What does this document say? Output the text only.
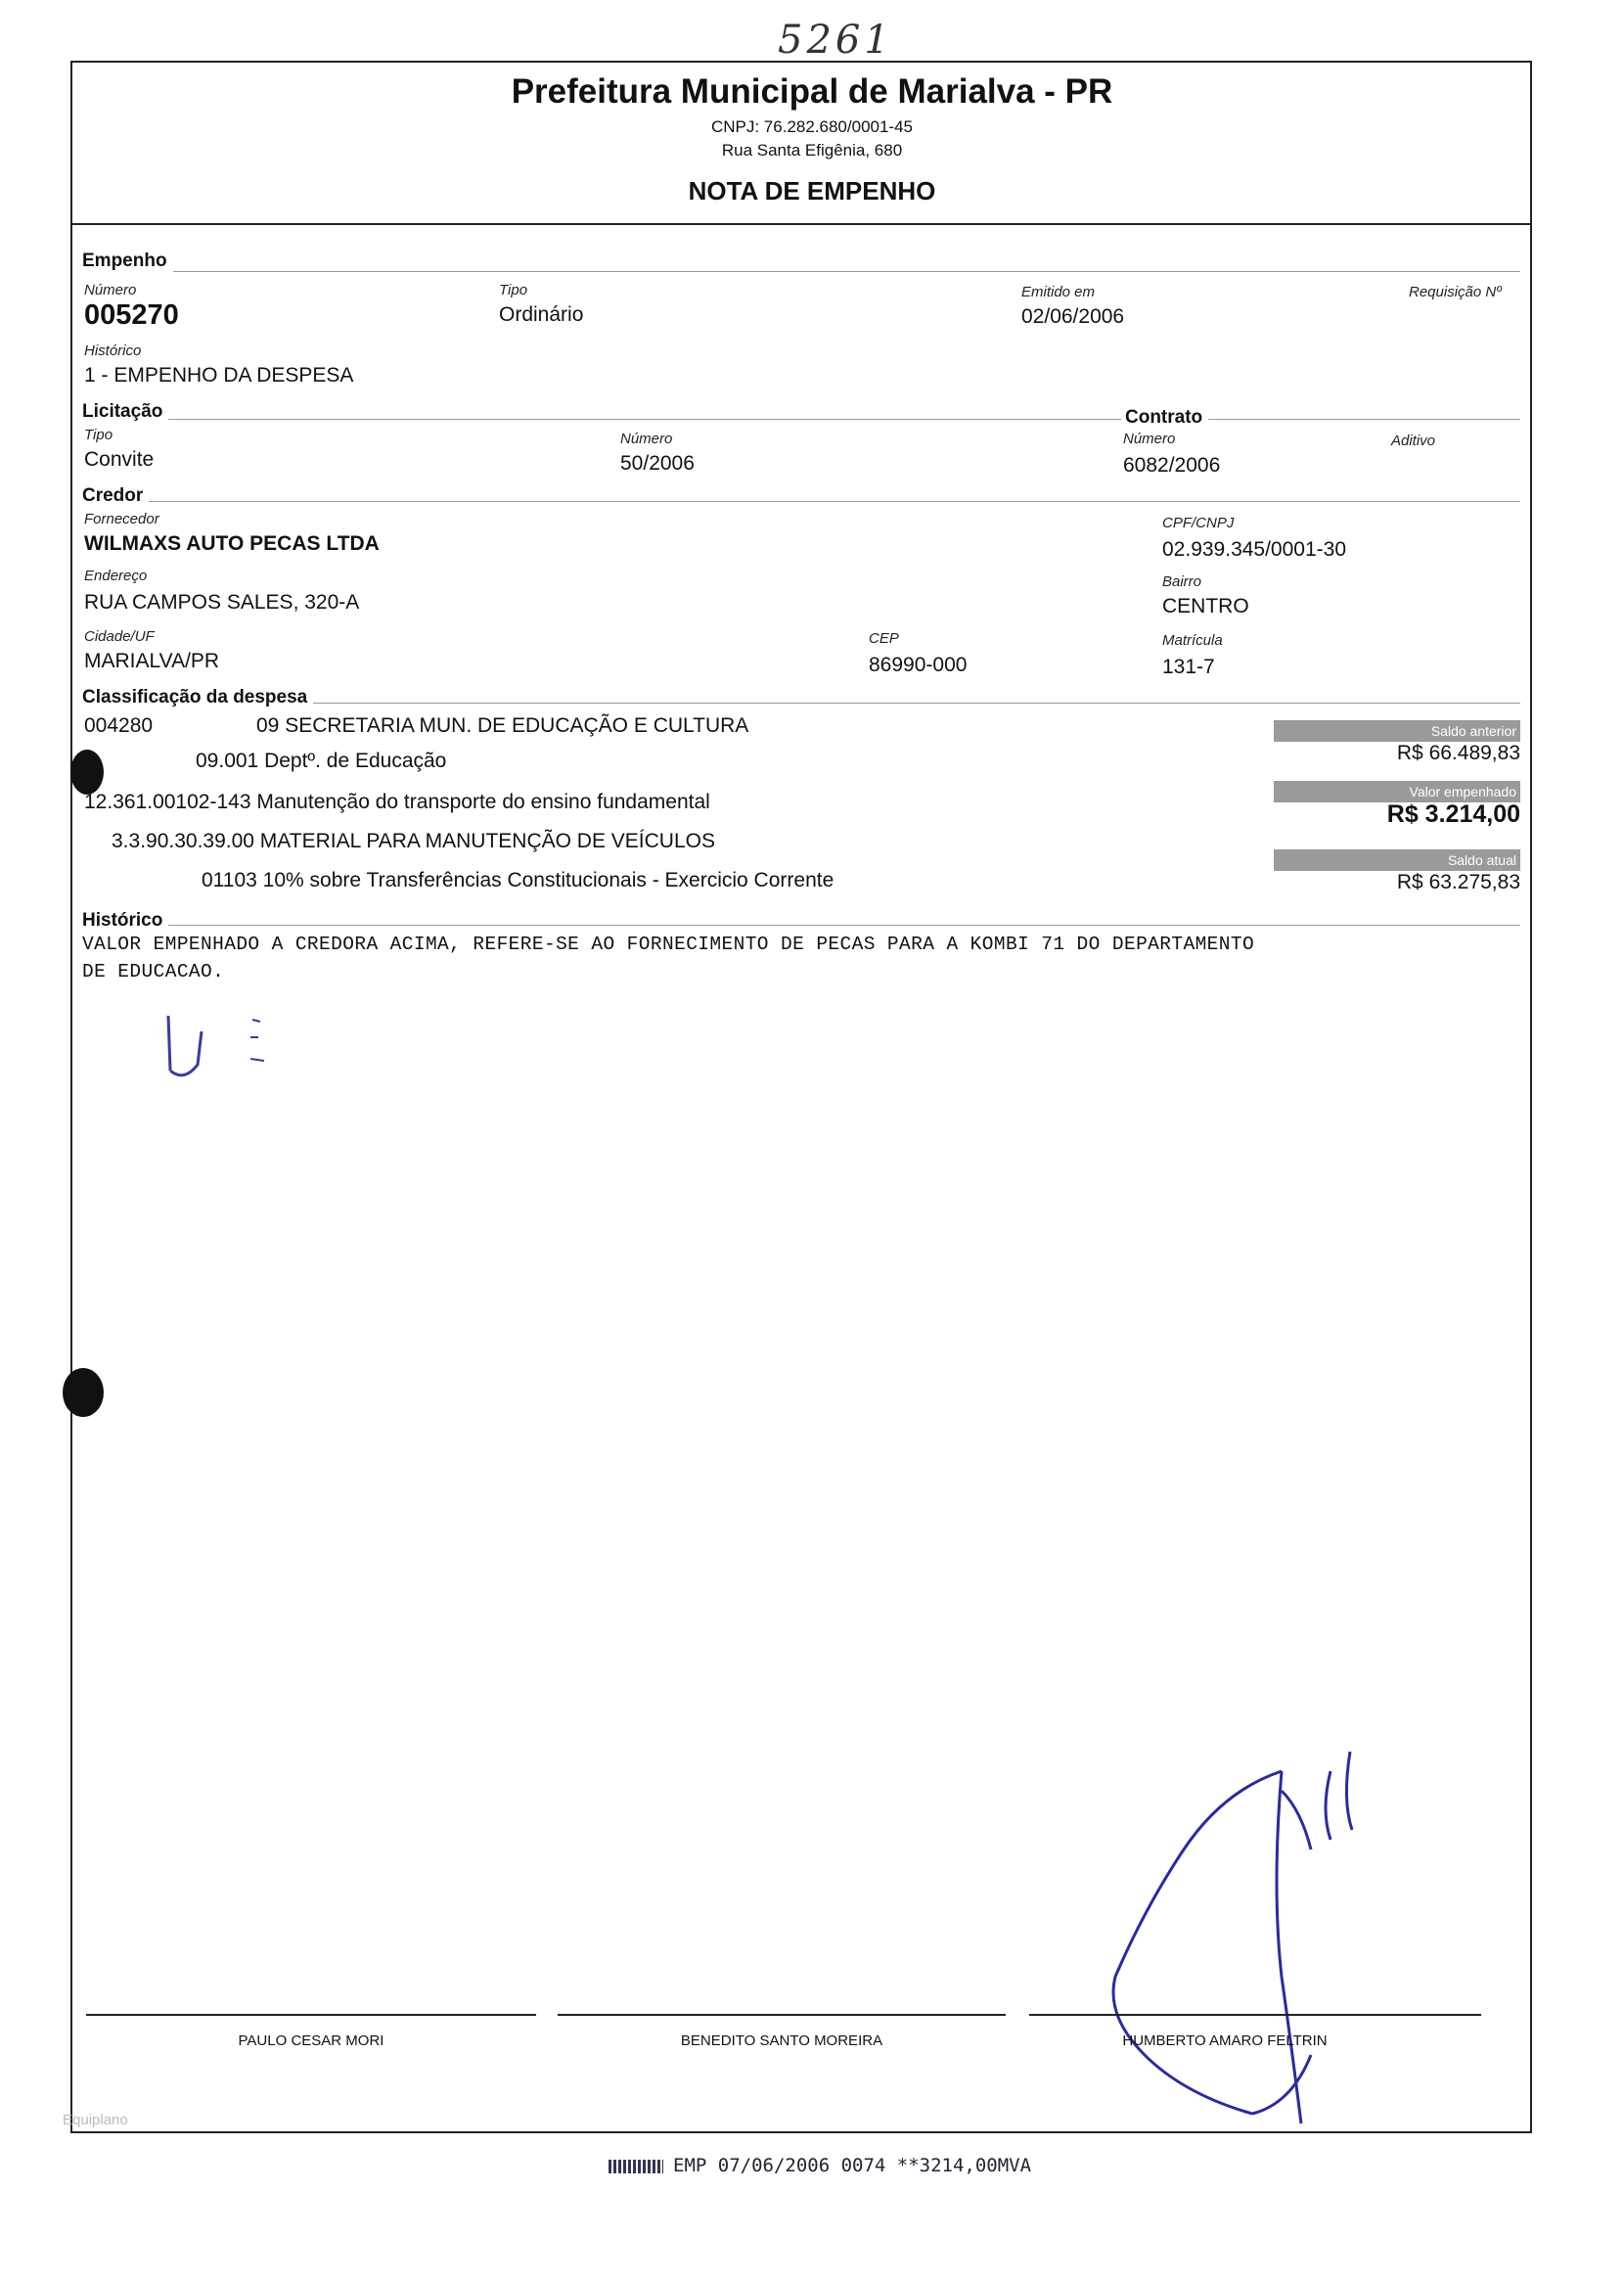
5261
Prefeitura Municipal de Marialva - PR
CNPJ: 76.282.680/0001-45
Rua Santa Efigênia, 680
NOTA DE EMPENHO
Empenho
Número
005270
Tipo
Ordinário
Emitido em
02/06/2006
Requisição Nº
Histórico
1 - EMPENHO DA DESPESA
Licitação	Contrato
Tipo
Convite
Número
50/2006
Número
6082/2006
Aditivo
Credor
Fornecedor
WILMAXS AUTO PECAS LTDA
CPF/CNPJ
02.939.345/0001-30
Endereço
RUA CAMPOS SALES, 320-A
Bairro
CENTRO
Cidade/UF
MARIALVA/PR
CEP
86990-000
Matrícula
131-7
Classificação da despesa
004280	09 SECRETARIA MUN. DE EDUCAÇÃO E CULTURA
09.001 Deptº. de Educação
12.361.00102-143 Manutenção do transporte do ensino fundamental
3.3.90.30.39.00 MATERIAL PARA MANUTENÇÃO DE VEÍCULOS
01103 10% sobre Transferências Constitucionais - Exercicio Corrente
Saldo anterior
R$ 66.489,83
Valor empenhado
R$ 3.214,00
Saldo atual
R$ 63.275,83
Histórico
VALOR EMPENHADO A CREDORA ACIMA, REFERE-SE AO FORNECIMENTO DE PECAS PARA A KOMBI 71 DO DEPARTAMENTO
DE EDUCACAO.
PAULO CESAR MORI	BENEDITO SANTO MOREIRA	HUMBERTO AMARO FELTRIN
Equiplano
EMP 07/06/2006 0074 **3214,00MVA
